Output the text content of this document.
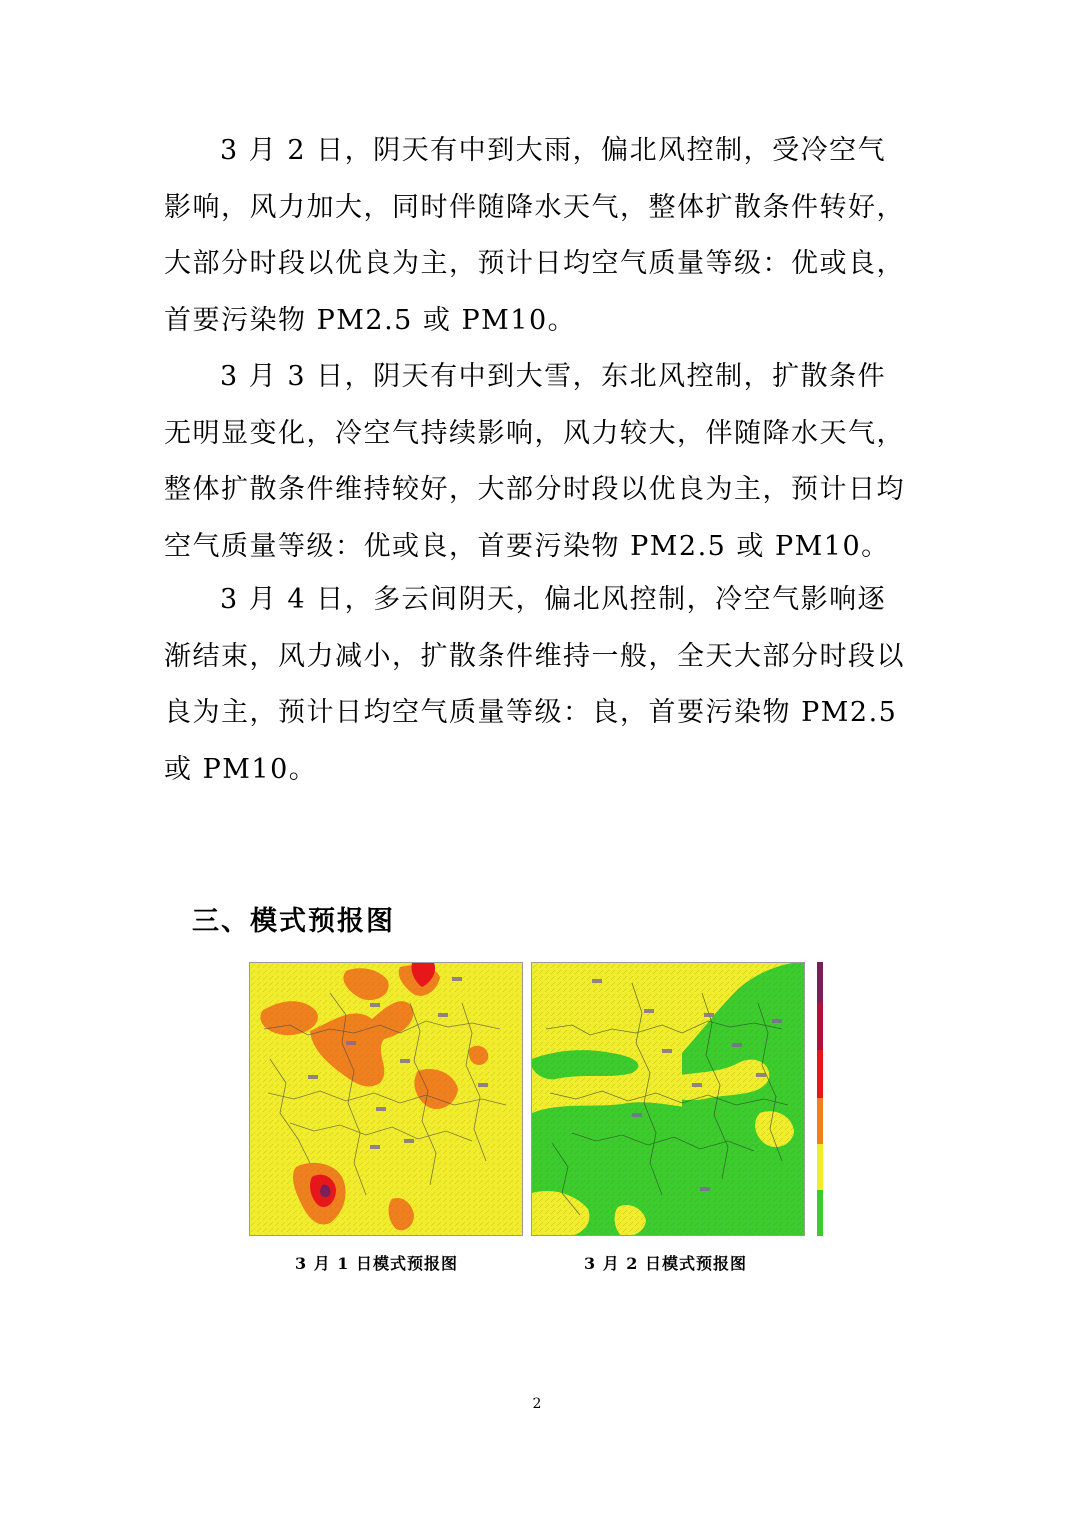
3 月 2 日，阴天有中到大雨，偏北风控制，受冷空气影响，风力加大，同时伴随降水天气，整体扩散条件转好，大部分时段以优良为主，预计日均空气质量等级：优或良，首要污染物 PM2.5 或 PM10。

3 月 3 日，阴天有中到大雪，东北风控制，扩散条件无明显变化，冷空气持续影响，风力较大，伴随降水天气，整体扩散条件维持较好，大部分时段以优良为主，预计日均空气质量等级：优或良，首要污染物 PM2.5 或 PM10。

3 月 4 日，多云间阴天，偏北风控制，冷空气影响逐渐结束，风力减小，扩散条件维持一般，全天大部分时段以良为主，预计日均空气质量等级：良，首要污染物 PM2.5 或 PM10。

三、模式预报图

3 月 1 日模式预报图	3 月 2 日模式预报图

2
